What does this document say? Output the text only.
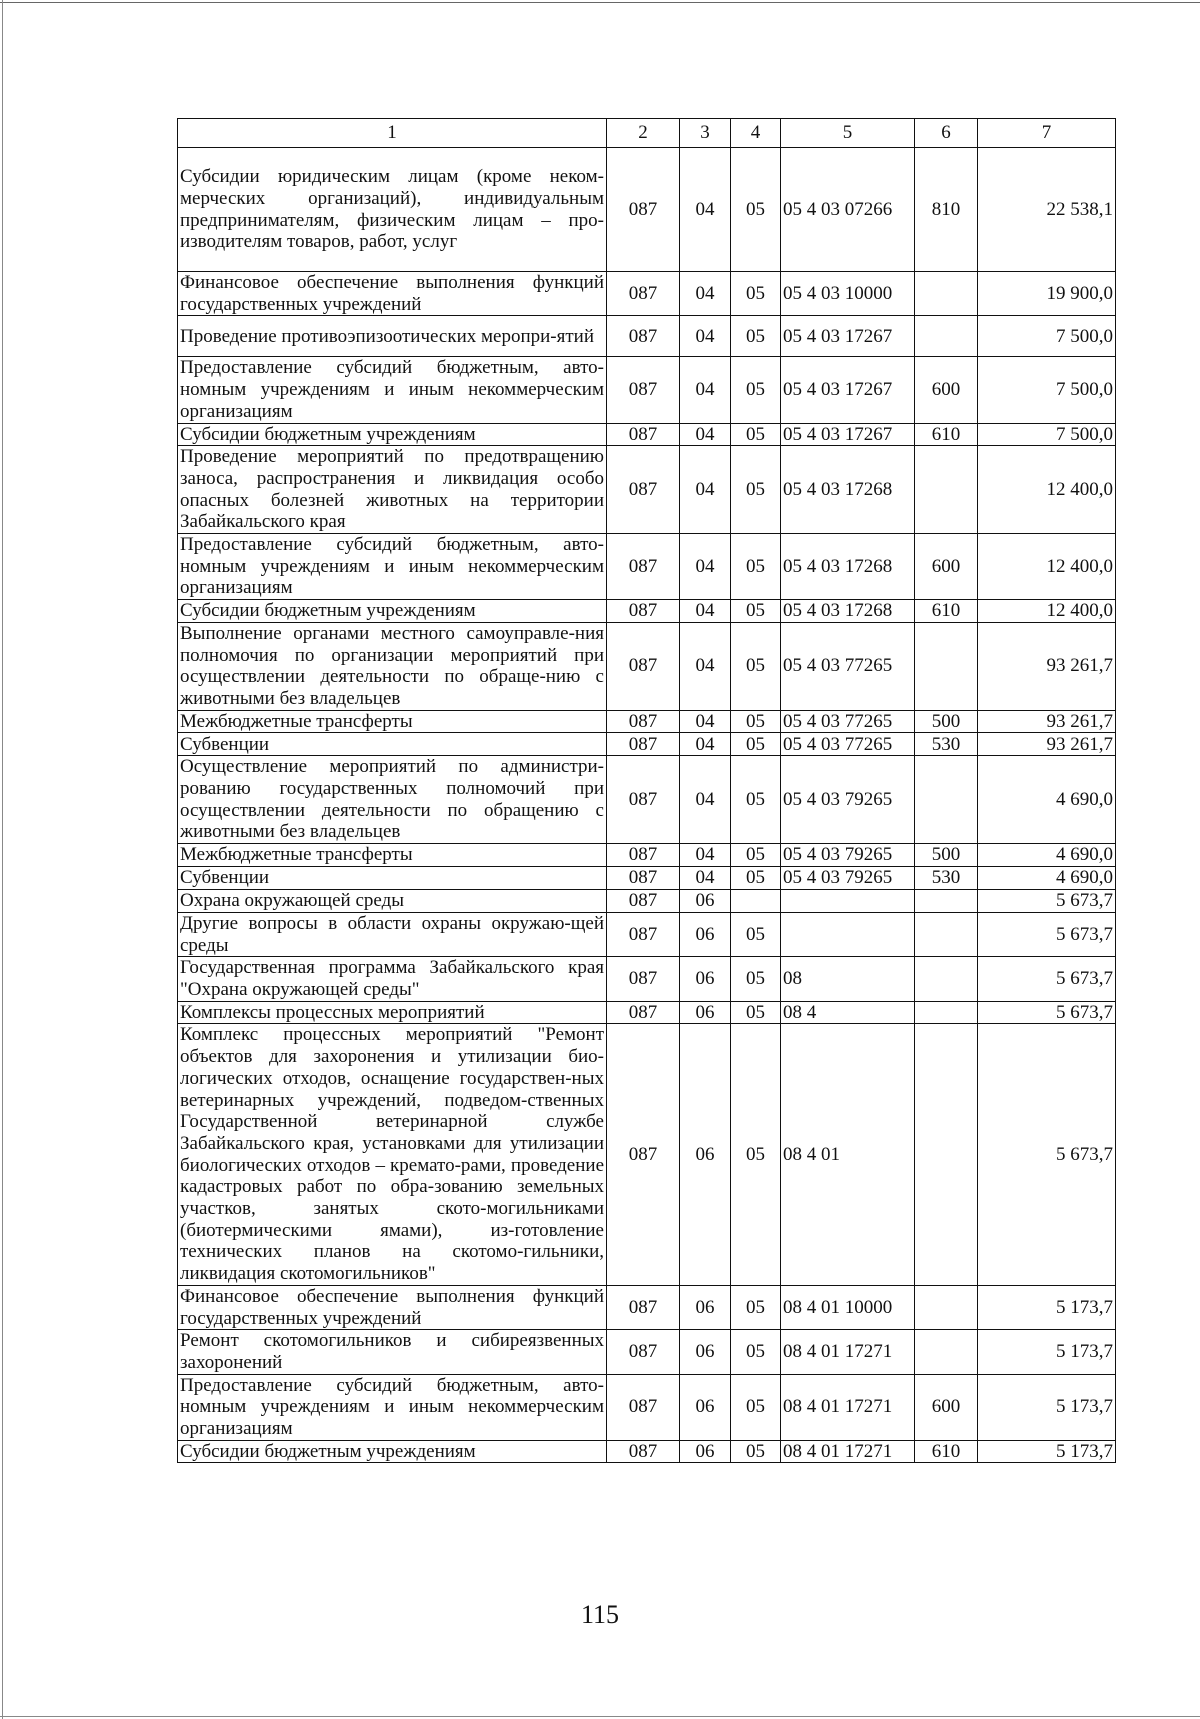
1	2	3	4	5	6	7
Субсидии юридическим лицам (кроме неком-мерческих организаций), индивидуальным предпринимателям, физическим лицам – про-изводителям товаров, работ, услуг	087	04	05	05 4 03 07266	810	22 538,1
Финансовое обеспечение выполнения функций государственных учреждений	087	04	05	05 4 03 10000		19 900,0
Проведение противоэпизоотических меропри-ятий	087	04	05	05 4 03 17267		7 500,0
Предоставление субсидий бюджетным, авто-номным учреждениям и иным некоммерческим организациям	087	04	05	05 4 03 17267	600	7 500,0
Субсидии бюджетным учреждениям	087	04	05	05 4 03 17267	610	7 500,0
Проведение мероприятий по предотвращению заноса, распространения и ликвидация особо опасных болезней животных на территории Забайкальского края	087	04	05	05 4 03 17268		12 400,0
Предоставление субсидий бюджетным, авто-номным учреждениям и иным некоммерческим организациям	087	04	05	05 4 03 17268	600	12 400,0
Субсидии бюджетным учреждениям	087	04	05	05 4 03 17268	610	12 400,0
Выполнение органами местного самоуправле-ния полномочия по организации мероприятий при осуществлении деятельности по обраще-нию с животными без владельцев	087	04	05	05 4 03 77265		93 261,7
Межбюджетные трансферты	087	04	05	05 4 03 77265	500	93 261,7
Субвенции	087	04	05	05 4 03 77265	530	93 261,7
Осуществление мероприятий по администри-рованию государственных полномочий при осуществлении деятельности по обращению с животными без владельцев	087	04	05	05 4 03 79265		4 690,0
Межбюджетные трансферты	087	04	05	05 4 03 79265	500	4 690,0
Субвенции	087	04	05	05 4 03 79265	530	4 690,0
Охрана окружающей среды	087	06				5 673,7
Другие вопросы в области охраны окружаю-щей среды	087	06	05			5 673,7
Государственная программа Забайкальского края "Охрана окружающей среды"	087	06	05	08		5 673,7
Комплексы процессных мероприятий	087	06	05	08 4		5 673,7
Комплекс процессных мероприятий "Ремонт объектов для захоронения и утилизации био-логических отходов, оснащение государствен-ных ветеринарных учреждений, подведом-ственных Государственной ветеринарной службе Забайкальского края, установками для утилизации биологических отходов – кремато-рами, проведение кадастровых работ по обра-зованию земельных участков, занятых ското-могильниками (биотермическими ямами), из-готовление технических планов на скотомо-гильники, ликвидация скотомогильников"	087	06	05	08 4 01		5 673,7
Финансовое обеспечение выполнения функций государственных учреждений	087	06	05	08 4 01 10000		5 173,7
Ремонт скотомогильников и сибиреязвенных захоронений	087	06	05	08 4 01 17271		5 173,7
Предоставление субсидий бюджетным, авто-номным учреждениям и иным некоммерческим организациям	087	06	05	08 4 01 17271	600	5 173,7
Субсидии бюджетным учреждениям	087	06	05	08 4 01 17271	610	5 173,7
115
